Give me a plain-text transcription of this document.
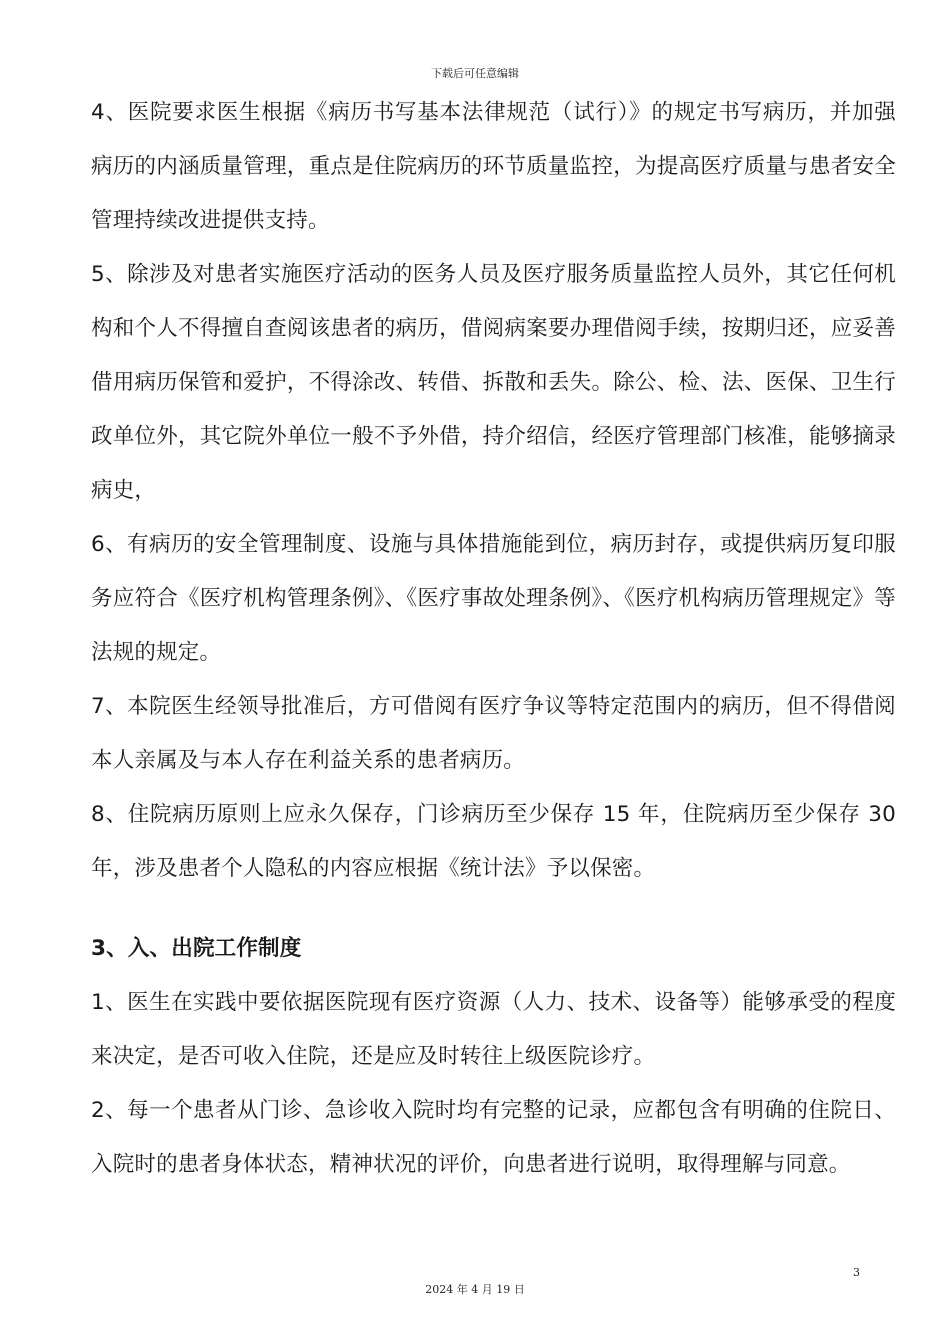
下载后可任意编辑

4、医院要求医生根据《病历书写基本法律规范（试行）》的规定书写病历，并加强病历的内涵质量管理，重点是住院病历的环节质量监控，为提高医疗质量与患者安全管理持续改进提供支持。

5、除涉及对患者实施医疗活动的医务人员及医疗服务质量监控人员外，其它任何机构和个人不得擅自查阅该患者的病历，借阅病案要办理借阅手续，按期归还，应妥善借用病历保管和爱护，不得涂改、转借、拆散和丢失。除公、检、法、医保、卫生行政单位外，其它院外单位一般不予外借，持介绍信，经医疗管理部门核准，能够摘录病史，

6、有病历的安全管理制度、设施与具体措施能到位，病历封存，或提供病历复印服务应符合《医疗机构管理条例》、《医疗事故处理条例》、《医疗机构病历管理规定》等法规的规定。

7、本院医生经领导批准后，方可借阅有医疗争议等特定范围内的病历，但不得借阅本人亲属及与本人存在利益关系的患者病历。

8、住院病历原则上应永久保存，门诊病历至少保存 15 年，住院病历至少保存 30 年，涉及患者个人隐私的内容应根据《统计法》予以保密。

3、入、出院工作制度

1、医生在实践中要依据医院现有医疗资源（人力、技术、设备等）能够承受的程度来决定，是否可收入住院，还是应及时转往上级医院诊疗。

2、每一个患者从门诊、急诊收入院时均有完整的记录，应都包含有明确的住院日、入院时的患者身体状态，精神状况的评价，向患者进行说明，取得理解与同意。

3
2024 年 4 月 19 日
